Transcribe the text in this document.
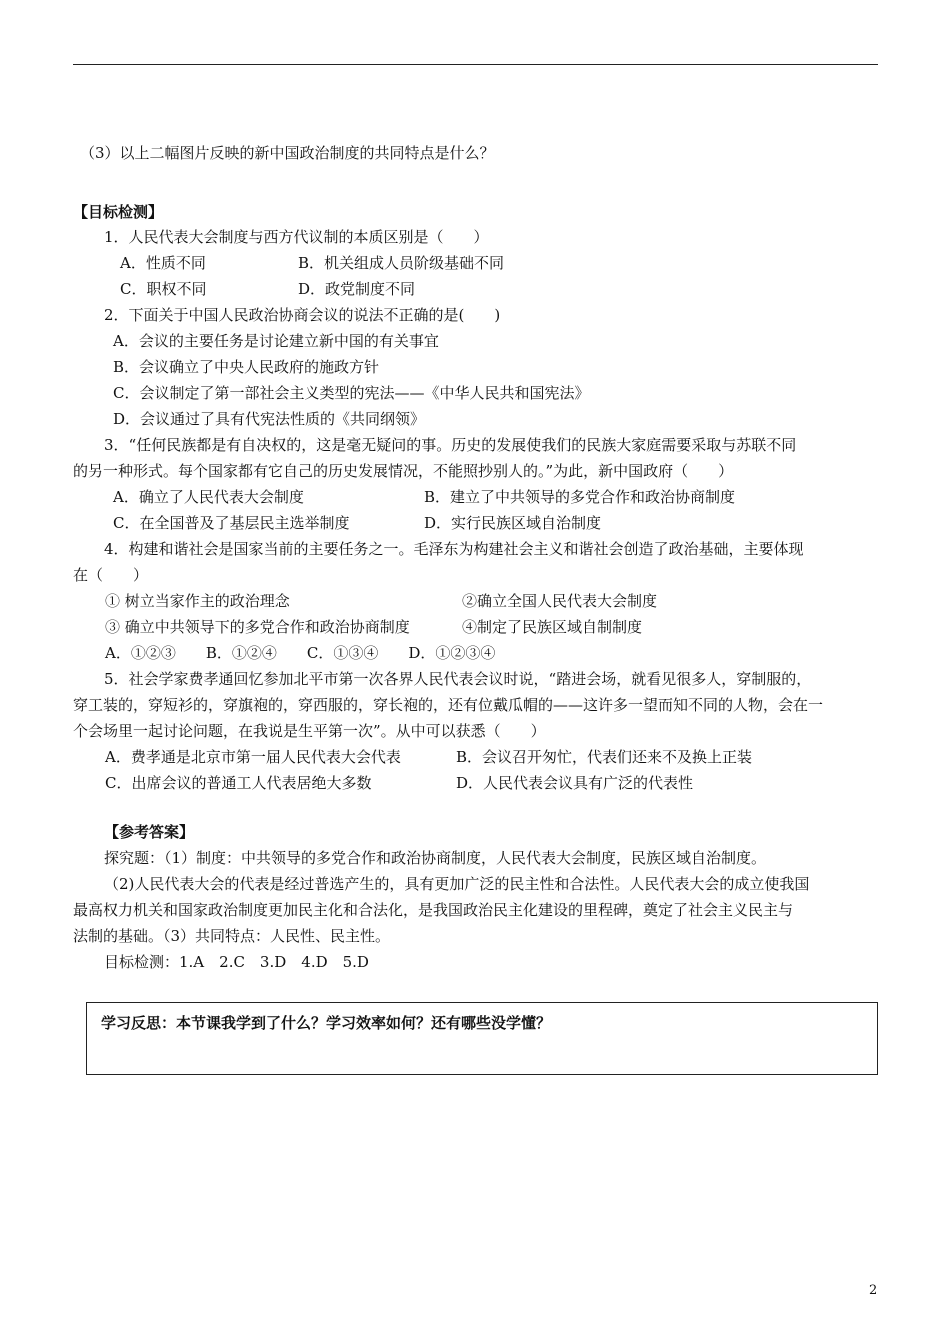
（3）以上二幅图片反映的新中国政治制度的共同特点是什么？
【目标检测】
1．人民代表大会制度与西方代议制的本质区别是（　　）
A．性质不同	B．机关组成人员阶级基础不同
C．职权不同	D．政党制度不同
2．下面关于中国人民政治协商会议的说法不正确的是(　　)
A．会议的主要任务是讨论建立新中国的有关事宜
B．会议确立了中央人民政府的施政方针
C．会议制定了第一部社会主义类型的宪法——《中华人民共和国宪法》
D．会议通过了具有代宪法性质的《共同纲领》
3．“任何民族都是有自决权的，这是毫无疑问的事。历史的发展使我们的民族大家庭需要采取与苏联不同
的另一种形式。每个国家都有它自己的历史发展情况，不能照抄别人的。”为此，新中国政府（　　）
A．确立了人民代表大会制度	B．建立了中共领导的多党合作和政治协商制度
C．在全国普及了基层民主选举制度	D．实行民族区域自治制度
4．构建和谐社会是国家当前的主要任务之一。毛泽东为构建社会主义和谐社会创造了政治基础，主要体现
在（　　）
① 树立当家作主的政治理念	②确立全国人民代表大会制度
③ 确立中共领导下的多党合作和政治协商制度	④制定了民族区域自制制度
A．①②③　　B．①②④　　C．①③④　　D．①②③④
5．社会学家费孝通回忆参加北平市第一次各界人民代表会议时说，“踏进会场，就看见很多人，穿制服的，
穿工装的，穿短衫的，穿旗袍的，穿西服的，穿长袍的，还有位戴瓜帽的——这许多一望而知不同的人物，会在一
个会场里一起讨论问题，在我说是生平第一次”。从中可以获悉（　　）
A．费孝通是北京市第一届人民代表大会代表	B．会议召开匆忙，代表们还来不及换上正装
C．出席会议的普通工人代表居绝大多数	D．人民代表会议具有广泛的代表性
【参考答案】
探究题：（1）制度：中共领导的多党合作和政治协商制度，人民代表大会制度，民族区域自治制度。
（2)人民代表大会的代表是经过普选产生的，具有更加广泛的民主性和合法性。人民代表大会的成立使我国
最高权力机关和国家政治制度更加民主化和合法化，是我国政治民主化建设的里程碑，奠定了社会主义民主与
法制的基础。（3）共同特点：人民性、民主性。
目标检测：1.A　2.C　3.D　4.D　5.D
学习反思：本节课我学到了什么？学习效率如何？还有哪些没学懂？
2
